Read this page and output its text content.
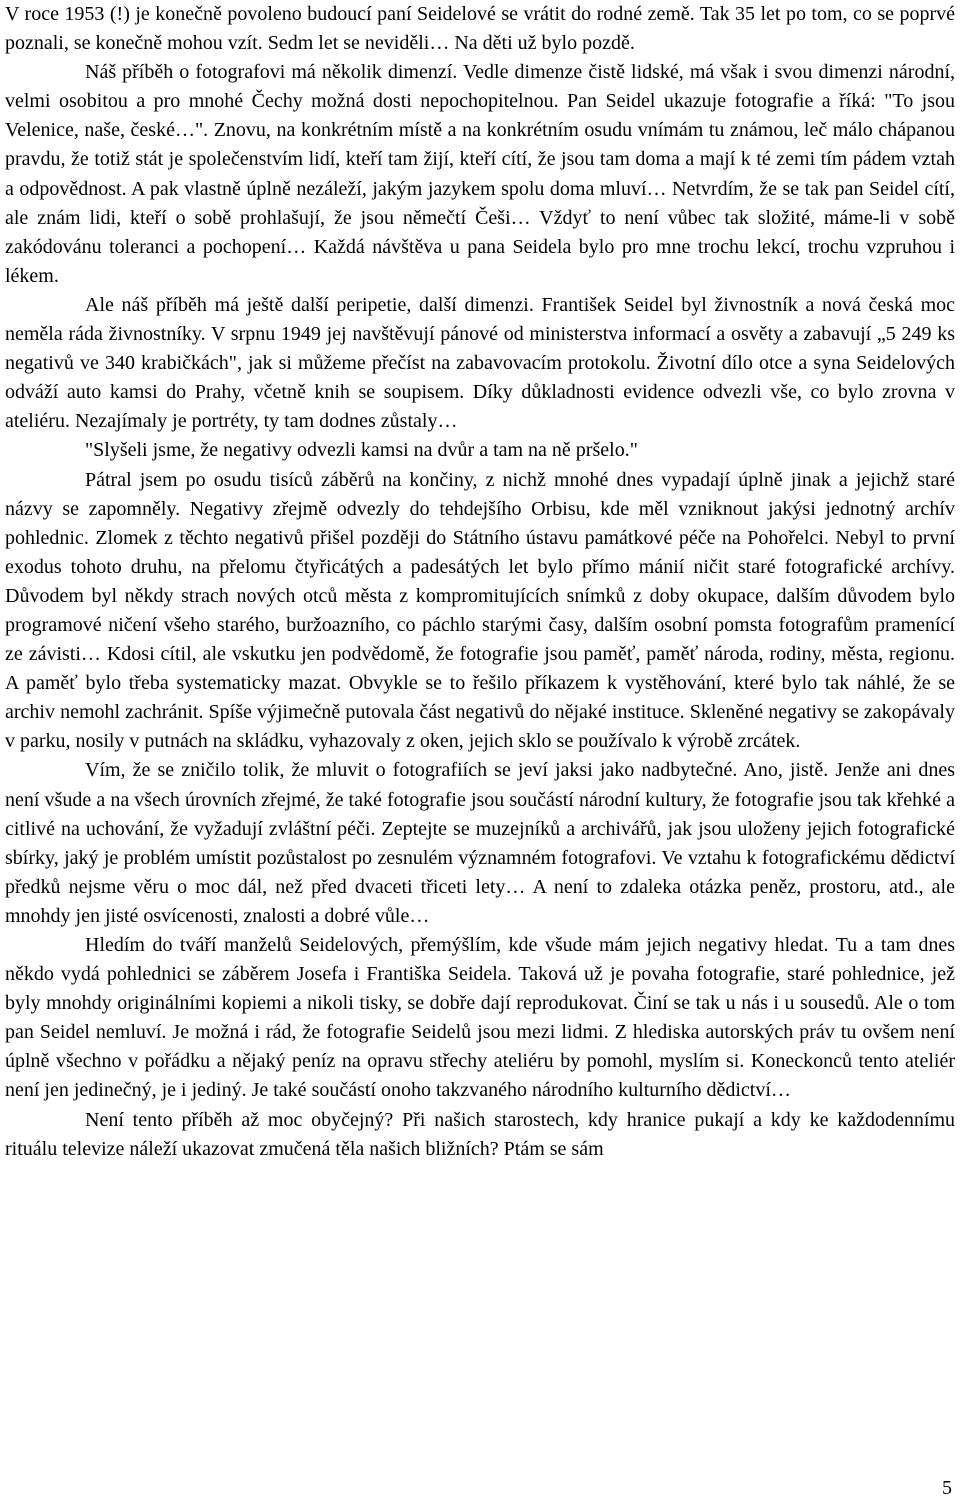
V roce 1953 (!) je konečně povoleno budoucí paní Seidelové se vrátit do rodné země. Tak 35 let po tom, co se poprvé poznali, se konečně mohou vzít. Sedm let se neviděli… Na děti už bylo pozdě.

Náš příběh o fotografovi má několik dimenzí. Vedle dimenze čistě lidské, má však i svou dimenzi národní, velmi osobitou a pro mnohé Čechy možná dosti nepochopitelnou. Pan Seidel ukazuje fotografie a říká: "To jsou Velenice, naše, české…". Znovu, na konkrétním místě a na konkrétním osudu vnímám tu známou, leč málo chápanou pravdu, že totiž stát je společenstvím lidí, kteří tam žijí, kteří cítí, že jsou tam doma a mají k té zemi tím pádem vztah a odpovědnost. A pak vlastně úplně nezáleží, jakým jazykem spolu doma mluví… Netvrdím, že se tak pan Seidel cítí, ale znám lidi, kteří o sobě prohlašují, že jsou němečtí Češi… Vždyť to není vůbec tak složité, máme-li v sobě zakódovánu toleranci a pochopení… Každá návštěva u pana Seidela bylo pro mne trochu lekcí, trochu vzpruhou i lékem.

Ale náš příběh má ještě další peripetie, další dimenzi. František Seidel byl živnostník a nová česká moc neměla ráda živnostníky. V srpnu 1949 jej navštěvují pánové od ministerstva informací a osvěty a zabavují „5 249 ks negativů ve 340 krabičkách", jak si můžeme přečíst na zabavovacím protokolu. Životní dílo otce a syna Seidelových odváží auto kamsi do Prahy, včetně knih se soupisem. Díky důkladnosti evidence odvezli vše, co bylo zrovna v ateliéru. Nezajímaly je portréty, ty tam dodnes zůstaly…

"Slyšeli jsme, že negativy odvezli kamsi na dvůr a tam na ně pršelo."

Pátral jsem po osudu tisíců záběrů na končiny, z nichž mnohé dnes vypadají úplně jinak a jejichž staré názvy se zapomněly. Negativy zřejmě odvezly do tehdejšího Orbisu, kde měl vzniknout jakýsi jednotný archív pohlednic. Zlomek z těchto negativů přišel později do Státního ústavu památkové péče na Pohořelci. Nebyl to první exodus tohoto druhu, na přelomu čtyřicátých a padesátých let bylo přímo mánií ničit staré fotografické archívy. Důvodem byl někdy strach nových otců města z kompromitujících snímků z doby okupace, dalším důvodem bylo programové ničení všeho starého, buržoazního, co páchlo starými časy, dalším osobní pomsta fotografům pramenící ze závisti… Kdosi cítil, ale vskutku jen podvědomě, že fotografie jsou paměť, paměť národa, rodiny, města, regionu. A paměť bylo třeba systematicky mazat. Obvykle se to řešilo příkazem k vystěhování, které bylo tak náhlé, že se archiv nemohl zachránit. Spíše výjimečně putovala část negativů do nějaké instituce. Skleněné negativy se zakopávaly v parku, nosily v putnách na skládku, vyhazovaly z oken, jejich sklo se používalo k výrobě zrcátek.

Vím, že se zničilo tolik, že mluvit o fotografiích se jeví jaksi jako nadbytečné. Ano, jistě. Jenže ani dnes není všude a na všech úrovních zřejmé, že také fotografie jsou součástí národní kultury, že fotografie jsou tak křehké a citlivé na uchování, že vyžadují zvláštní péči. Zeptejte se muzejníků a archivářů, jak jsou uloženy jejich fotografické sbírky, jaký je problém umístit pozůstalost po zesnulém významném fotografovi. Ve vztahu k fotografickému dědictví předků nejsme věru o moc dál, než před dvaceti třiceti lety… A není to zdaleka otázka peněz, prostoru, atd., ale mnohdy jen jisté osvícenosti, znalosti a dobré vůle…

Hledím do tváří manželů Seidelových, přemýšlím, kde všude mám jejich negativy hledat. Tu a tam dnes někdo vydá pohlednici se záběrem Josefa i Františka Seidela. Taková už je povaha fotografie, staré pohlednice, jež byly mnohdy originálními kopiemi a nikoli tisky, se dobře dají reprodukovat. Činí se tak u nás i u sousedů. Ale o tom pan Seidel nemluví. Je možná i rád, že fotografie Seidelů jsou mezi lidmi. Z hlediska autorských práv tu ovšem není úplně všechno v pořádku a nějaký peníz na opravu střechy ateliéru by pomohl, myslím si. Koneckonců tento ateliér není jen jedinečný, je i jediný. Je také součástí onoho takzvaného národního kulturního dědictví…

Není tento příběh až moc obyčejný? Při našich starostech, kdy hranice pukají a kdy ke každodennímu rituálu televize náleží ukazovat zmučená těla našich bližních? Ptám se sám

5
